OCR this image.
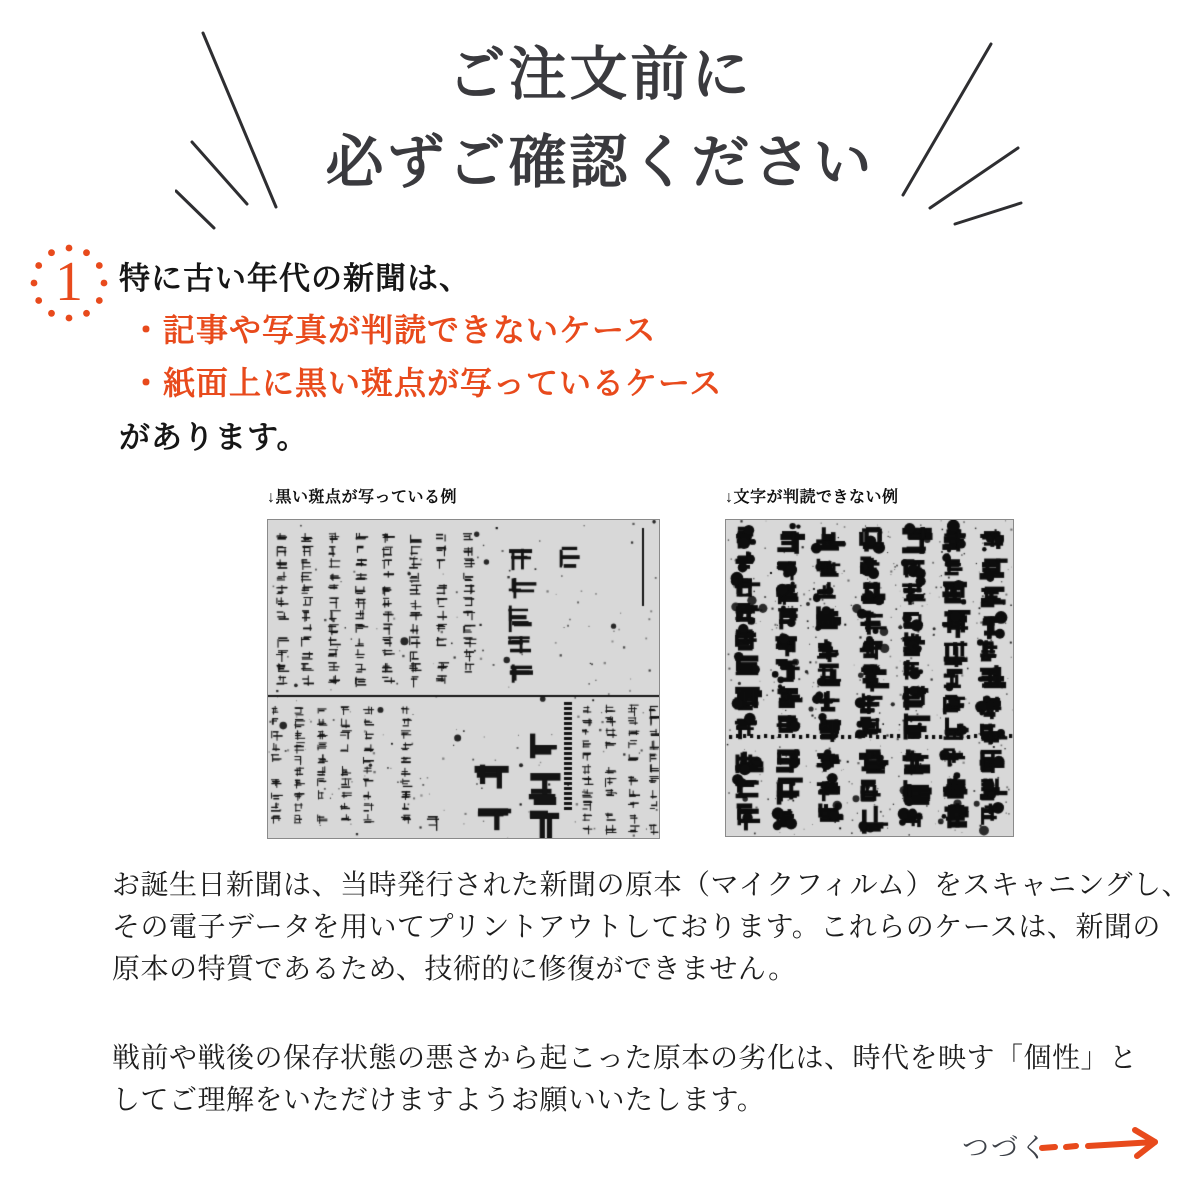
ご注文前に
必ずご確認ください
1	特に古い年代の新聞は、
・記事や写真が判読できないケース
・紙面上に黒い斑点が写っているケース
があります。
↓黒い斑点が写っている例	↓文字が判読できない例
お誕生日新聞は、当時発行された新聞の原本（マイクフィルム）をスキャニングし、
その電子データを用いてプリントアウトしております。これらのケースは、新聞の
原本の特質であるため、技術的に修復ができません。
戦前や戦後の保存状態の悪さから起こった原本の劣化は、時代を映す「個性」と
してご理解をいただけますようお願いいたします。
つづく
